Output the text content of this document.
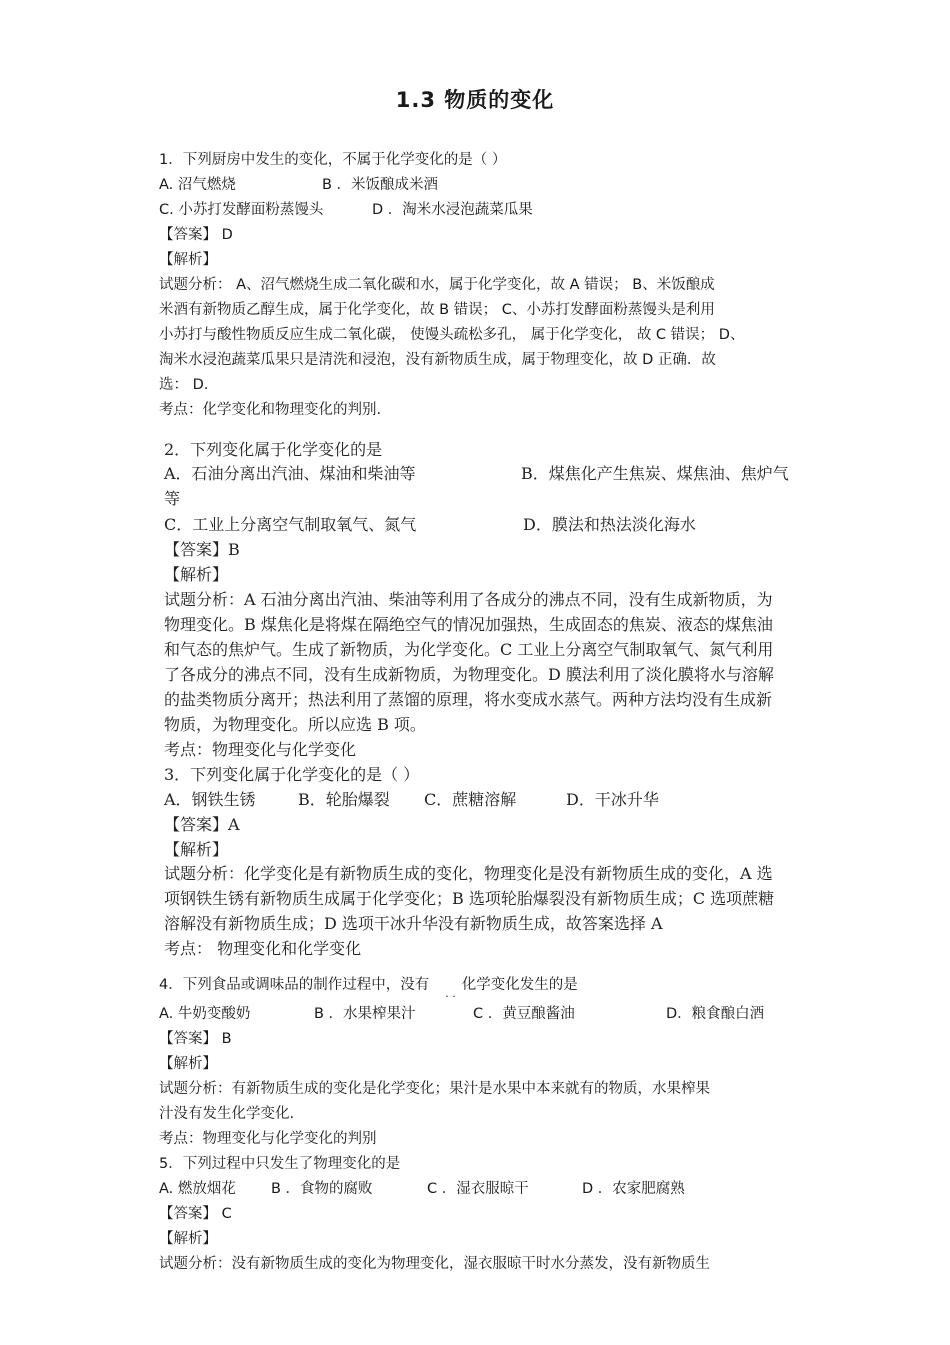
1.3 物质的变化
1．下列厨房中发生的变化，不属于化学变化的是（ ）
A. 沼气燃烧	B ．米饭酿成米酒
C. 小苏打发酵面粉蒸馒头	D ．淘米水浸泡蔬菜瓜果
【答案】 D
【解析】
试题分析： A、沼气燃烧生成二氧化碳和水，属于化学变化，故 A 错误； B、米饭酿成
米酒有新物质乙醇生成，属于化学变化，故 B 错误； C、小苏打发酵面粉蒸馒头是利用
小苏打与酸性物质反应生成二氧化碳， 使馒头疏松多孔， 属于化学变化， 故 C 错误； D、
淘米水浸泡蔬菜瓜果只是清洗和浸泡，没有新物质生成，属于物理变化，故 D 正确．故
选： D.
考点：化学变化和物理变化的判别.
2．下列变化属于化学变化的是
A．石油分离出汽油、煤油和柴油等	B．煤焦化产生焦炭、煤焦油、焦炉气
等
C．工业上分离空气制取氧气、氮气	D．膜法和热法淡化海水
【答案】B
【解析】
试题分析：A 石油分离出汽油、柴油等利用了各成分的沸点不同，没有生成新物质，为
物理变化。B 煤焦化是将煤在隔绝空气的情况加强热，生成固态的焦炭、液态的煤焦油
和气态的焦炉气。生成了新物质，为化学变化。C 工业上分离空气制取氧气、氮气利用
了各成分的沸点不同，没有生成新物质，为物理变化。D 膜法利用了淡化膜将水与溶解
的盐类物质分离开；热法利用了蒸馏的原理，将水变成水蒸气。两种方法均没有生成新
物质，为物理变化。所以应选 B 项。
考点：物理变化与化学变化
3．下列变化属于化学变化的是（ ）
A．钢铁生锈	B．轮胎爆裂 C．蔗糖溶解	D．干冰升华
【答案】A
【解析】
试题分析：化学变化是有新物质生成的变化，物理变化是没有新物质生成的变化，A 选
项钢铁生锈有新物质生成属于化学变化；B 选项轮胎爆裂没有新物质生成；C 选项蔗糖
溶解没有新物质生成；D 选项干冰升华没有新物质生成，故答案选择 A
考点： 物理变化和化学变化
4．下列食品或调味品的制作过程中，没有$_{. .}$化学变化发生的是
A. 牛奶变酸奶	B ．水果榨果汁	C ．黄豆酿酱油	D．粮食酿白酒
【答案】 B
【解析】
试题分析：有新物质生成的变化是化学变化；果汁是水果中本来就有的物质，水果榨果
汁没有发生化学变化.
考点：物理变化与化学变化的判别
5．下列过程中只发生了物理变化的是
A. 燃放烟花 B ．食物的腐败	C ．湿衣服晾干	D ．农家肥腐熟
【答案】 C
【解析】
试题分析：没有新物质生成的变化为物理变化，湿衣服晾干时水分蒸发，没有新物质生
